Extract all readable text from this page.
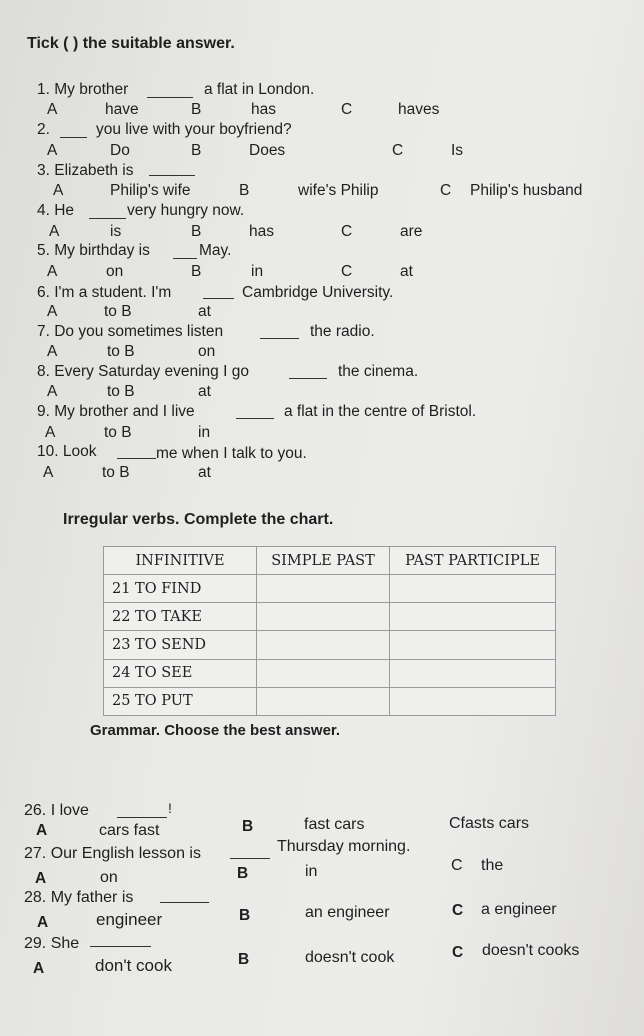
Tick ( ) the suitable answer.
1. My brother	a flat in London.
A	have	B	has	C	haves
2.	you live with your boyfriend?
A	Do	B	Does	C	Is
3. Elizabeth is
A	Philip's wife	B	wife's Philip	C Philip's husband
4. He	very hungry now.
A	is	B	has	C	are
5. My birthday is	May.
A	on	B	in	C	at
6. I'm a student. I'm	Cambridge University.
A	to B	at
7. Do you sometimes listen	the radio.
A	to B	on
8. Every Saturday evening I go	the cinema.
A	to B	at
9. My brother and I live	a flat in the centre of Bristol.
A	to B	in
10. Look	me when I talk to you.
A	to B	at
Irregular verbs. Complete the chart.
INFINITIVE	SIMPLE PAST	PAST PARTICIPLE
21 TO FIND		
22 TO TAKE		
23 TO SEND		
24 TO SEE		
25 TO PUT		
Grammar. Choose the best answer.
26. I love	!
A	cars fast	B	fast cars	Cfasts cars
27. Our English lesson is	Thursday morning.
A	on	B	in	C the
28. My father is
A	engineer	B	an engineer	C a engineer
29. She
A	don't cook	B	doesn't cook	C doesn't cooks
